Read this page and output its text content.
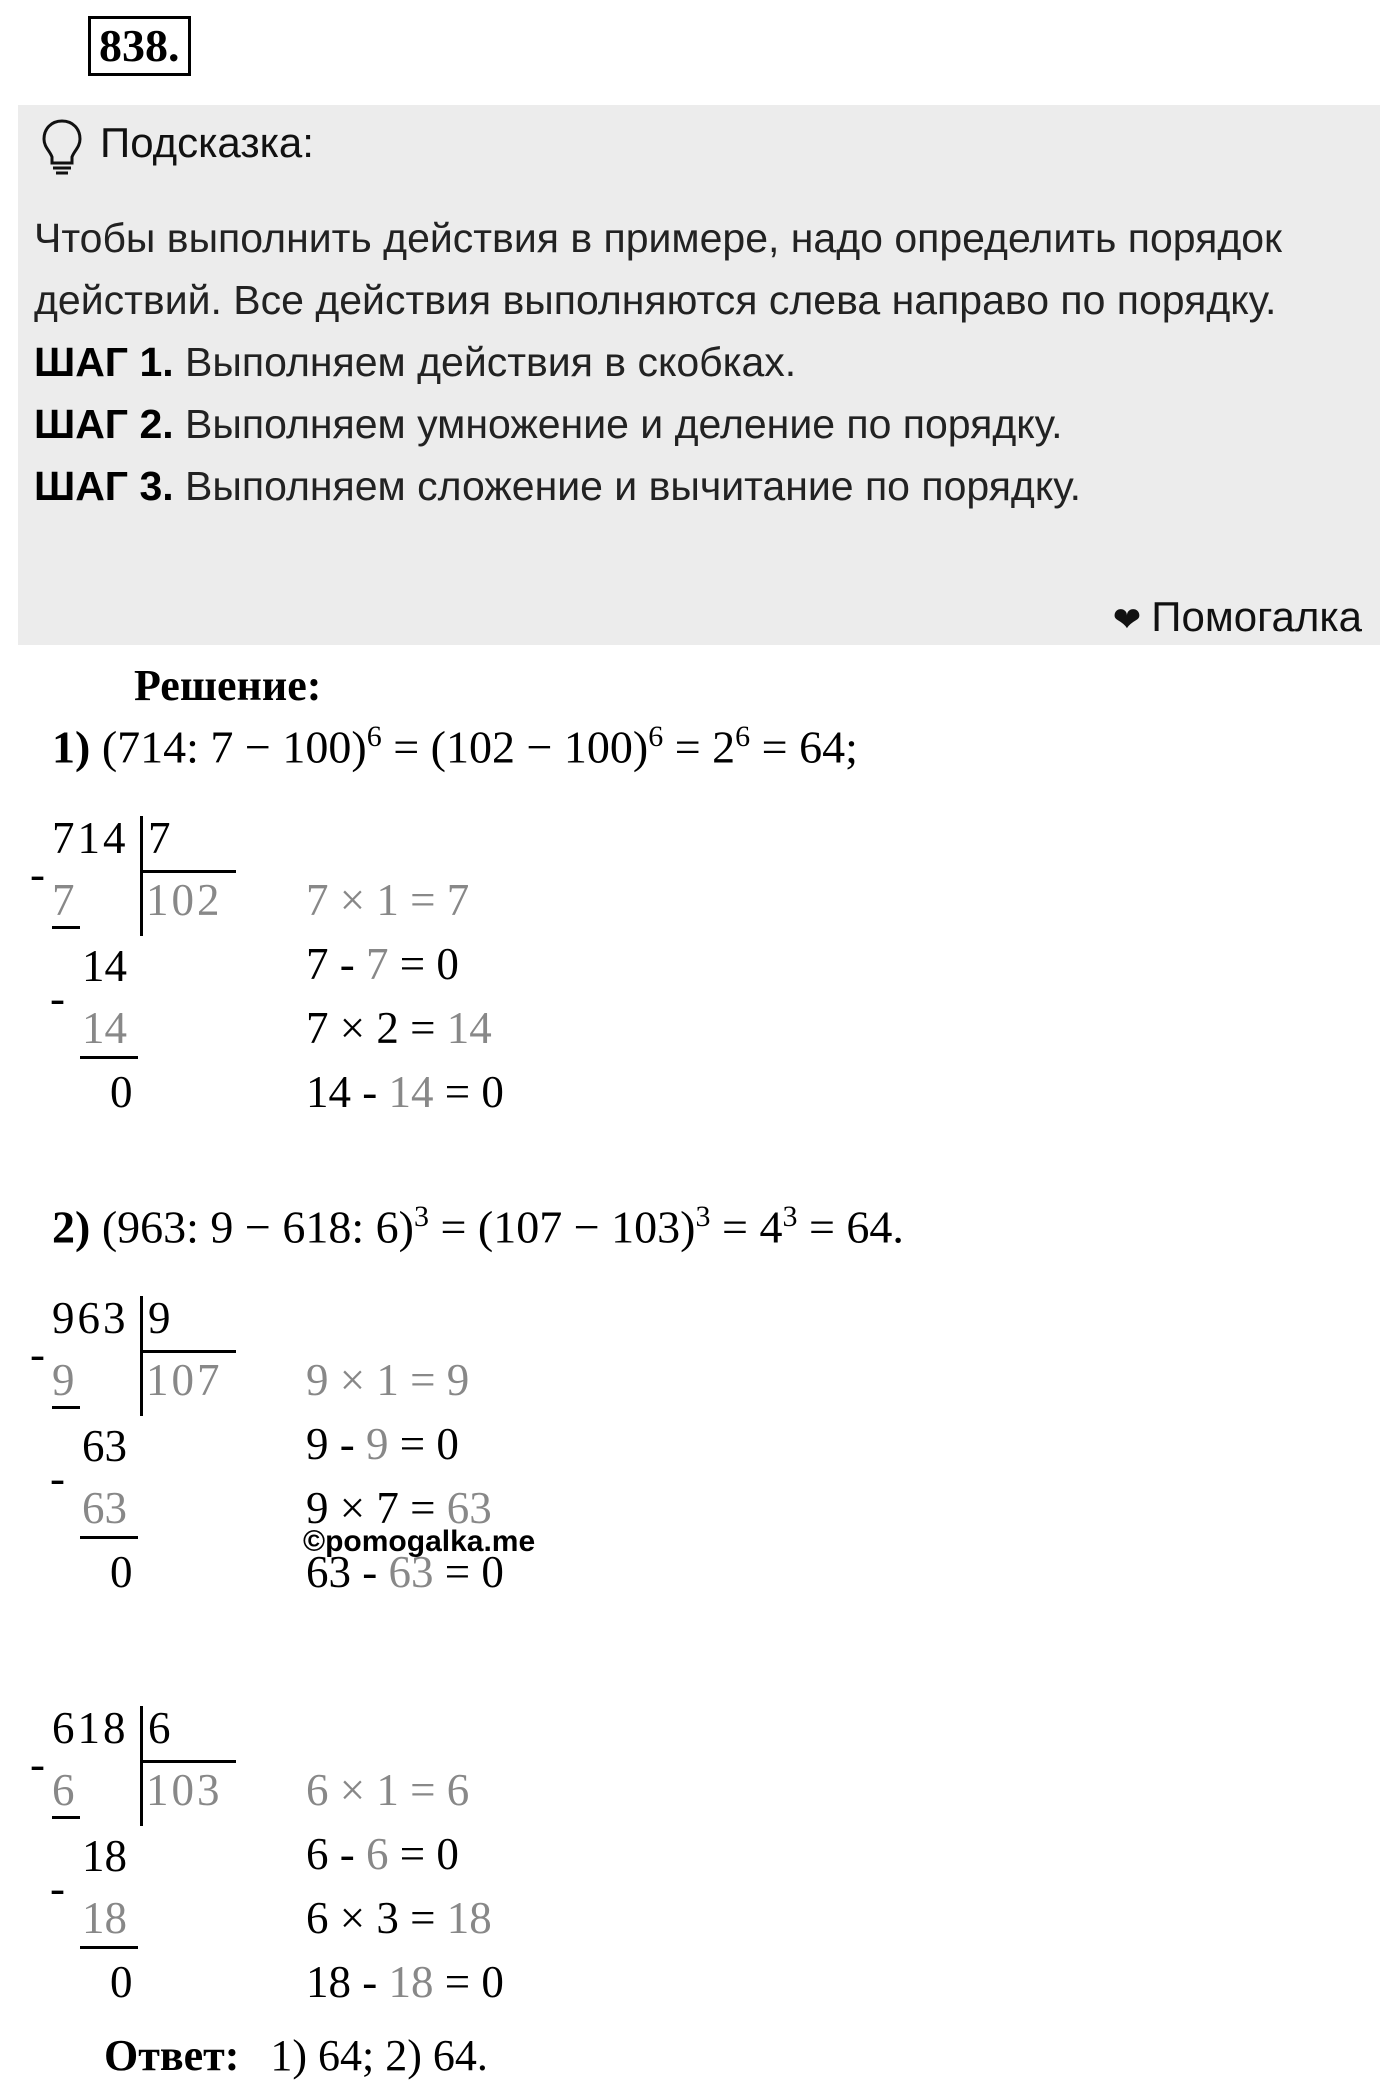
838.
Подсказка:

Чтобы выполнить действия в примере, надо определить порядок действий. Все действия выполняются слева направо по порядку.

ШАГ 1. Выполняем действия в скобках.

ШАГ 2. Выполняем умножение и деление по порядку.

ШАГ 3. Выполняем сложение и вычитание по порядку.

❤ Помогалка
Решение:
1) (714: $7 - 100)^6 = (102 - 100)^6 = 2^6 = 64$;
2) (963: 9 − 618: $6)^3 = (107 - 103)^3 = 4^3 = 64$.
714 7
102
7
14
14
0
-
-
7 × 1 = 7
7 - 7 = 0
7 × 2 = 14
14 - 14 = 0
963 9
107
9
63
63
0
-
-
9 × 1 = 9
9 - 9 = 0
9 × 7 = 63
63 - 63 = 0
618 6
103
6
18
18
0
-
-
6 × 1 = 6
6 - 6 = 0
6 × 3 = 18
18 - 18 = 0
©pomogalka.me
Ответ: 1) 64; 2) 64.
